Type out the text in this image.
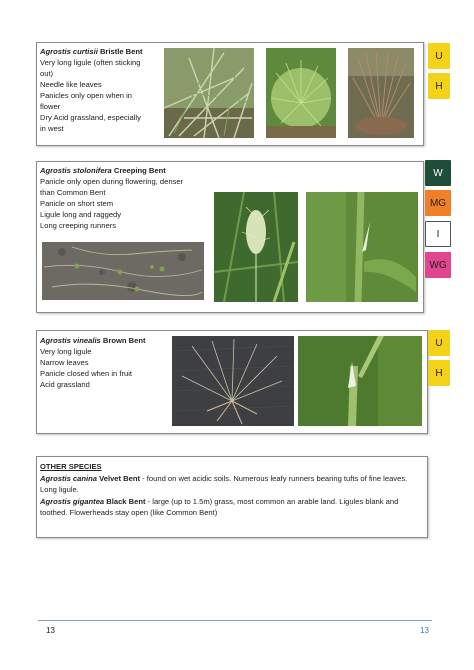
Agrostis curtisii Bristle Bent
Very long ligule (often sticking
out)
Needle like leaves
Panicles only open when in
flower
Dry Acid grassland, especially
in west
U
H
Agrostis stolonifera Creeping Bent
Panicle only open during flowering, denser
than Common Bent
Panicle on short stem
Ligule long and raggedy
Long creeping runners
W
MG
I
WG
Agrostis vinealis Brown Bent
Very long ligule
Narrow leaves
Panicle closed when in fruit
Acid grassland
U
H
OTHER SPECIES
Agrostis canina Velvet Bent - found on wet acidic soils. Numerous leafy runners bearing tufts of fine leaves. Long ligule.
Agrostis gigantea Black Bent - large (up to 1.5m) grass, most common an arable land. Ligules blank and toothed. Flowerheads stay open (like Common Bent)
13	13
